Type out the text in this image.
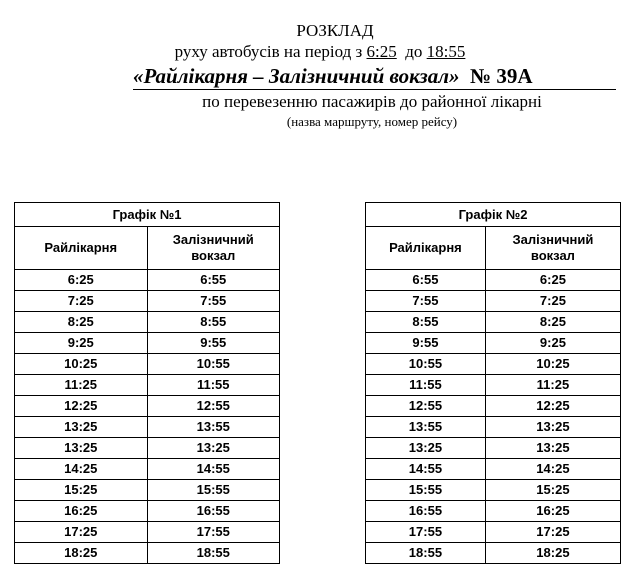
РОЗКЛАД
руху автобусів на період з 6:25 до 18:55
«Райлікарня – Залізничний вокзал» № 39А
по перевезенню пасажирів до районної лікарні
(назва маршруту, номер рейсу)
Графік №1	
Райлікарня	Залізничний
вокзал
6:25	6:55
7:25	7:55
8:25	8:55
9:25	9:55
10:25	10:55
11:25	11:55
12:25	12:55
13:25	13:55
13:25	13:25
14:25	14:55
15:25	15:55
16:25	16:55
17:25	17:55
18:25	18:55
Графік №2	
Райлікарня	Залізничний
вокзал
6:55	6:25
7:55	7:25
8:55	8:25
9:55	9:25
10:55	10:25
11:55	11:25
12:55	12:25
13:55	13:25
13:25	13:25
14:55	14:25
15:55	15:25
16:55	16:25
17:55	17:25
18:55	18:25
